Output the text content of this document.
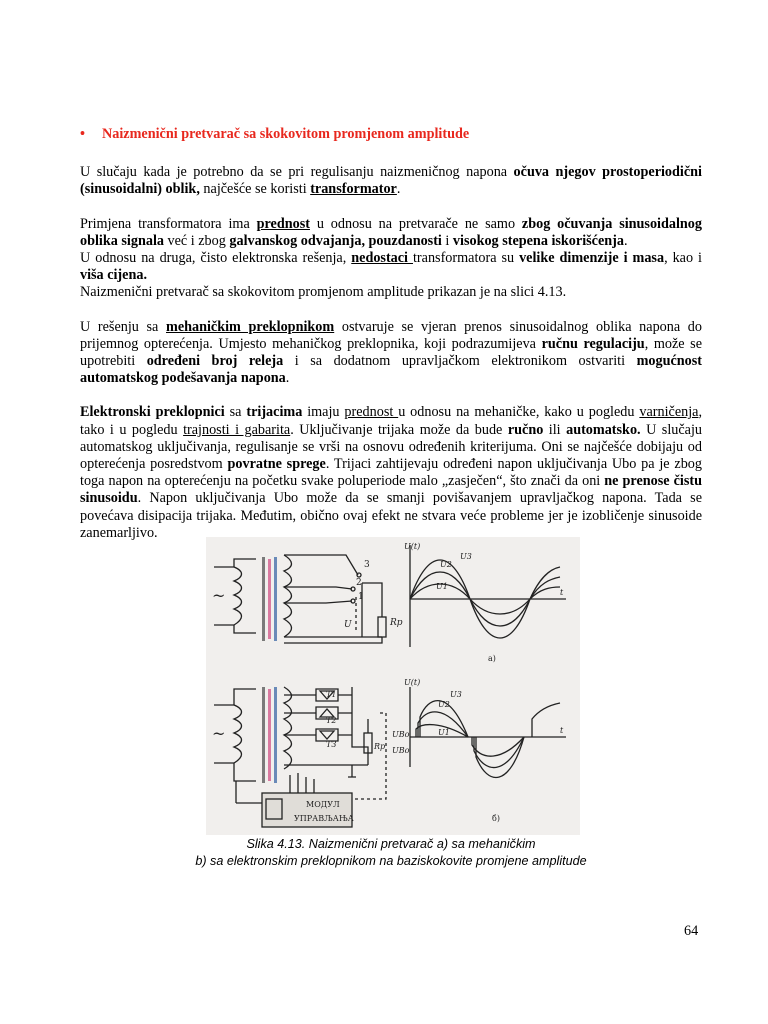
• Naizmenični pretvarač sa skokovitom promjenom amplitude

U slučaju kada je potrebno da se pri regulisanju naizmeničnog napona očuva njegov prostoperiodični (sinusoidalni) oblik, najčešće se koristi transformator.

Primjena transformatora ima prednost u odnosu na pretvarače ne samo zbog očuvanja sinusoidalnog oblika signala već i zbog galvanskog odvajanja, pouzdanosti i visokog stepena iskorišćenja.

U odnosu na druga, čisto elektronska rešenja, nedostaci transformatora su velike dimenzije i masa, kao i viša cijena.

Naizmenični pretvarač sa skokovitom promjenom amplitude prikazan je na slici 4.13.

U rešenju sa mehaničkim preklopnikom ostvaruje se vjeran prenos sinusoidalnog oblika napona do prijemnog opterećenja. Umjesto mehaničkog preklopnika, koji podrazumijeva ručnu regulaciju, može se upotrebiti određeni broj releja i sa dodatnom upravljačkom elektronikom ostvariti mogućnost automatskog podešavanja napona.

Elektronski preklopnici sa trijacima imaju prednost u odnosu na mehaničke, kako u pogledu varničenja, tako i u pogledu trajnosti i gabarita. Uključivanje trijaka može da bude ručno ili automatsko. U slučaju automatskog uključivanja, regulisanje se vrši na osnovu određenih kriterijuma. Oni se najčešće dobijaju od opterećenja posredstvom povratne sprege. Trijaci zahtijevaju određeni napon uključivanja Ubo pa je zbog toga napon na opterećenju na početku svake poluperiode malo „zasječen“, što znači da oni ne prenose čistu sinusoidu. Napon uključivanja Ubo može da se smanji povišavanjem upravljačkog napona. Tada se povećava disipacija trijaka. Međutim, obično ovaj efekt ne stvara veće probleme jer je izobličenje sinusoide zanemarljivo.

~
3
2
1
U	Rp
U(t)
U3
U2
U1
t
a)
~
T1
T2
T3	Rp
МОДУЛ
УПРАВЉАЊА
U(t)
U3
U2
U1
UBo
UBo
t
б)
Slika 4.13. Naizmenični pretvarač a) sa mehaničkim
b) sa elektronskim preklopnikom na baziskokovite promjene amplitude
64
